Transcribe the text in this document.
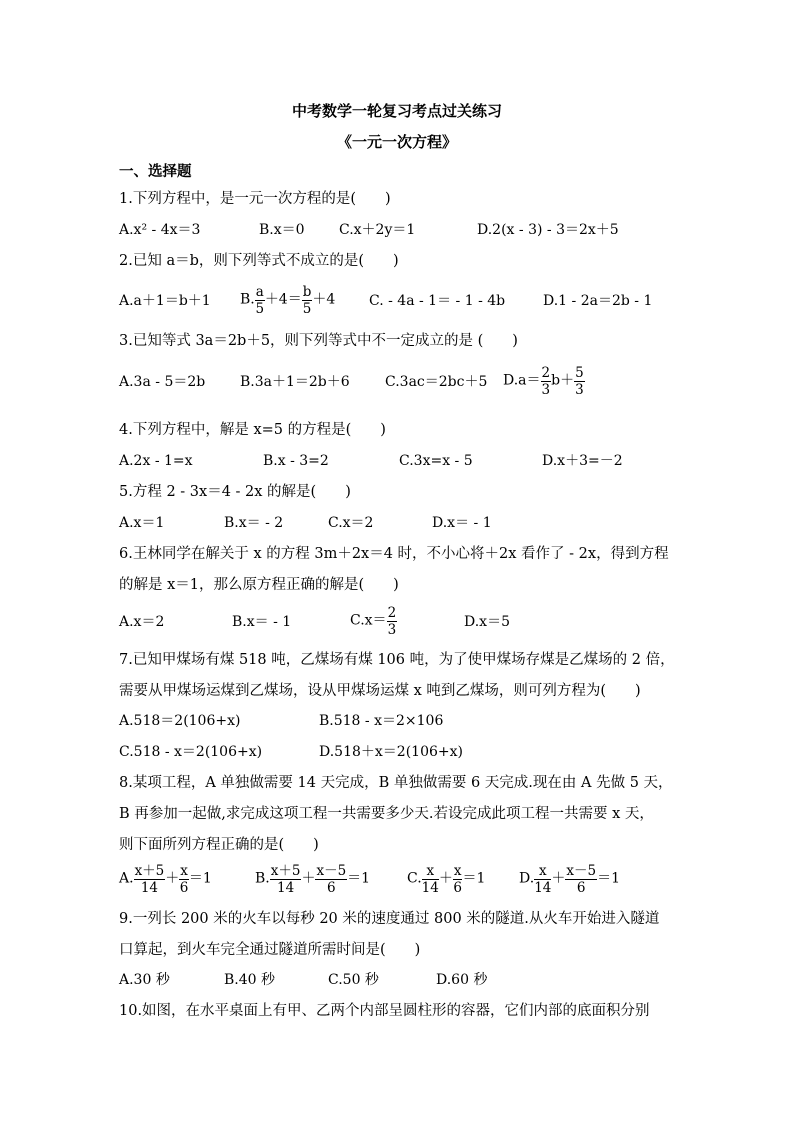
中考数学一轮复习考点过关练习
《一元一次方程》
一、选择题
1.下列方程中，是一元一次方程的是(　　)
A.x² - 4x＝3	B.x＝0 C.x＋2y＝1	D.2(x - 3) - 3＝2x＋5
2.已知 a＝b，则下列等式不成立的是(　　)
A.a＋1＝b＋1 B. $\frac{a}{5} +4= \frac{b}{5} +4$ C. - 4a - 1＝ - 1 - 4b	D.1 - 2a＝2b - 1
3.已知等式 3a＝2b＋5，则下列等式中不一定成立的是 (　　)
A.3a - 5＝2b B.3a＋1＝2b＋6	C.3ac＝2bc＋5 $D.a= \frac{2}{3} b+ \frac{5}{3}$
4.下列方程中，解是 x=5 的方程是(　　)
A.2x - 1=x	B.x - 3=2	C.3x=x - 5	D.x＋3=－2
5.方程 2 - 3x＝4 - 2x 的解是(　　)
A.x＝1	B.x＝ - 2	C.x＝2	D.x＝ - 1
6.王林同学在解关于 x 的方程 3m＋2x＝4 时，不小心将＋2x 看作了 - 2x，得到方程
的解是 x＝1，那么原方程正确的解是(　　)
A.x＝2	B.x＝ - 1	$C.x= \frac{2}{3}$	D.x＝5
7.已知甲煤场有煤 518 吨，乙煤场有煤 106 吨，为了使甲煤场存煤是乙煤场的 2 倍，
需要从甲煤场运煤到乙煤场，设从甲煤场运煤 x 吨到乙煤场，则可列方程为(　　)
A.518＝2(106+x)	B.518 - x＝2×106
C.518 - x＝2(106+x)	D.518＋x＝2(106+x)
8.某项工程，A 单独做需要 14 天完成，B 单独做需要 6 天完成.现在由 A 先做 5 天，
B 再参加一起做,求完成这项工程一共需要多少天.若设完成此项工程一共需要 x 天，
则下面所列方程正确的是(　　)
A. $\frac{x+5}{14} + \frac{x}{6} =1$	B. $\frac{x+5}{14} + \frac{x-5}{6} =1$	C. $\frac{x}{14} + \frac{x}{6} =1$ D. $\frac{x}{14} + \frac{x-5}{6} =1$
9.一列长 200 米的火车以每秒 20 米的速度通过 800 米的隧道.从火车开始进入隧道
口算起，到火车完全通过隧道所需时间是(　　)
A.30 秒	B.40 秒	C.50 秒	D.60 秒
10.如图，在水平桌面上有甲、乙两个内部呈圆柱形的容器，它们内部的底面积分别
